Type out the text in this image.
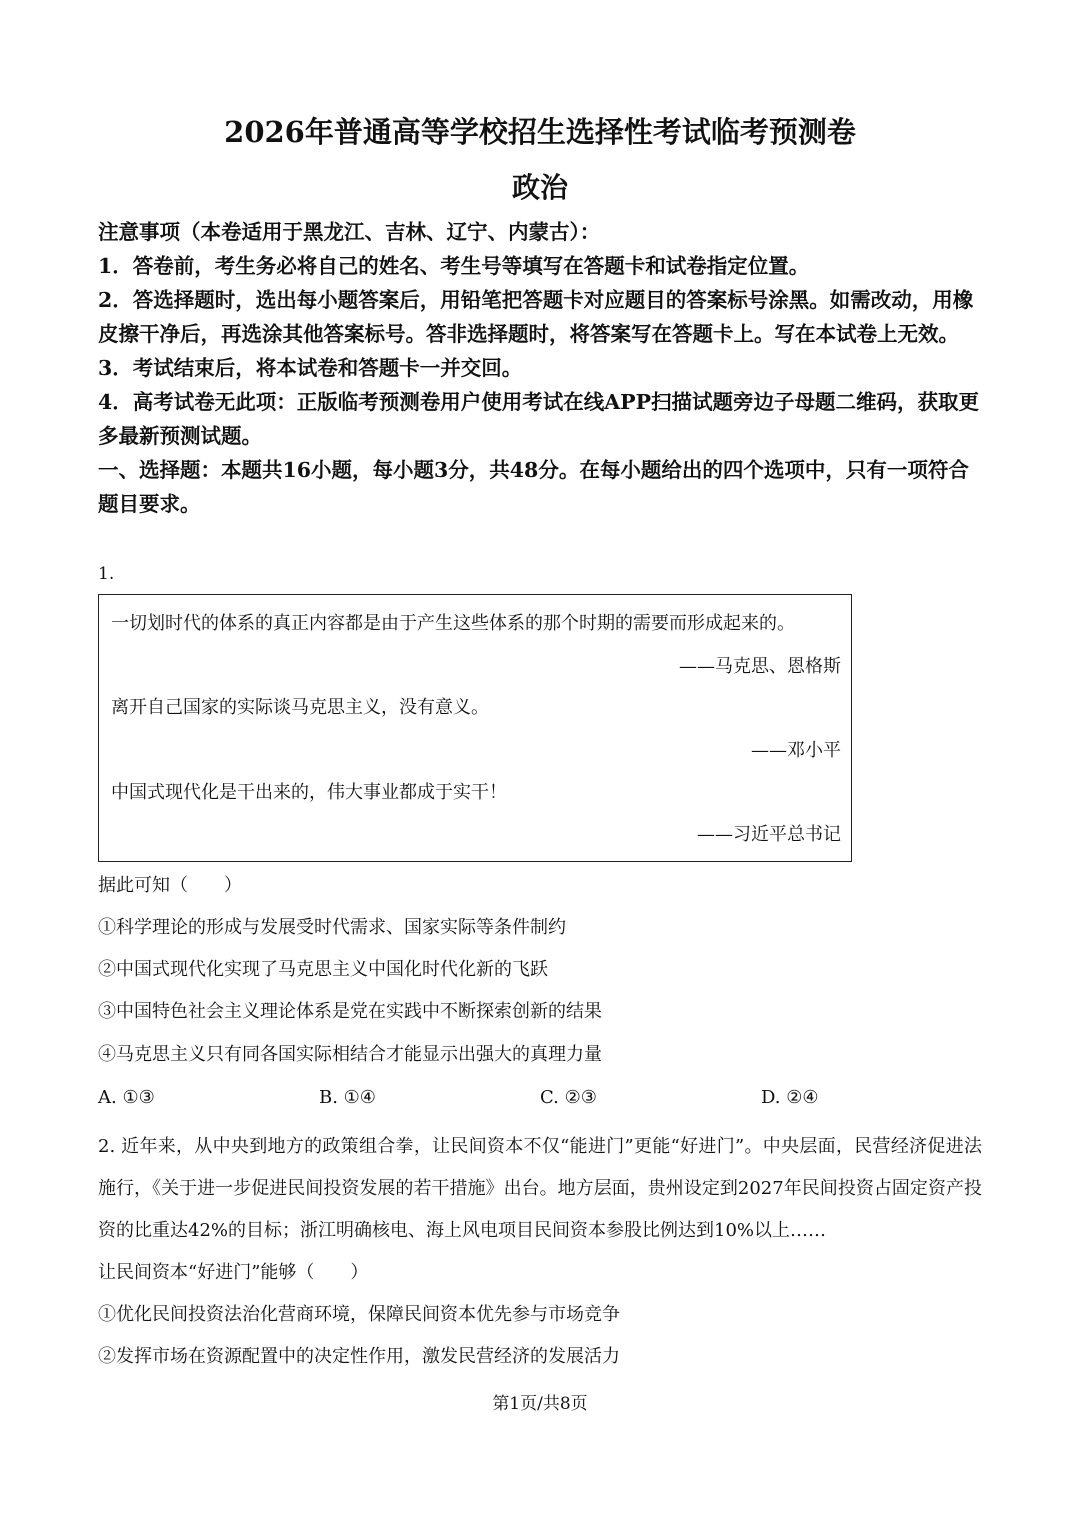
2026年普通高等学校招生选择性考试临考预测卷
政治

注意事项（本卷适用于黑龙江、吉林、辽宁、内蒙古）：

1．答卷前，考生务必将自己的姓名、考生号等填写在答题卡和试卷指定位置。

2．答选择题时，选出每小题答案后，用铅笔把答题卡对应题目的答案标号涂黑。如需改动，用橡皮擦干净后，再选涂其他答案标号。答非选择题时，将答案写在答题卡上。写在本试卷上无效。

3．考试结束后，将本试卷和答题卡一并交回。

4．高考试卷无此项：正版临考预测卷用户使用考试在线APP扫描试题旁边子母题二维码，获取更多最新预测试题。

一、选择题：本题共16小题，每小题3分，共48分。在每小题给出的四个选项中，只有一项符合题目要求。

1.
一切划时代的体系的真正内容都是由于产生这些体系的那个时期的需要而形成起来的。
——马克思、恩格斯
离开自己国家的实际谈马克思主义，没有意义。
——邓小平
中国式现代化是干出来的，伟大事业都成于实干！
——习近平总书记
据此可知（　　）
①科学理论的形成与发展受时代需求、国家实际等条件制约
②中国式现代化实现了马克思主义中国化时代化新的飞跃
③中国特色社会主义理论体系是党在实践中不断探索创新的结果
④马克思主义只有同各国实际相结合才能显示出强大的真理力量
A. ①③	B. ①④	C. ②③	D. ②④

2. 近年来，从中央到地方的政策组合拳，让民间资本不仅“能进门”更能“好进门”。中央层面，民营经济促进法施行，《关于进一步促进民间投资发展的若干措施》出台。地方层面，贵州设定到2027年民间投资占固定资产投资的比重达42%的目标；浙江明确核电、海上风电项目民间资本参股比例达到10%以上……

让民间资本“好进门”能够（　　）

①优化民间投资法治化营商环境，保障民间资本优先参与市场竞争

②发挥市场在资源配置中的决定性作用，激发民营经济的发展活力

第1页/共8页
